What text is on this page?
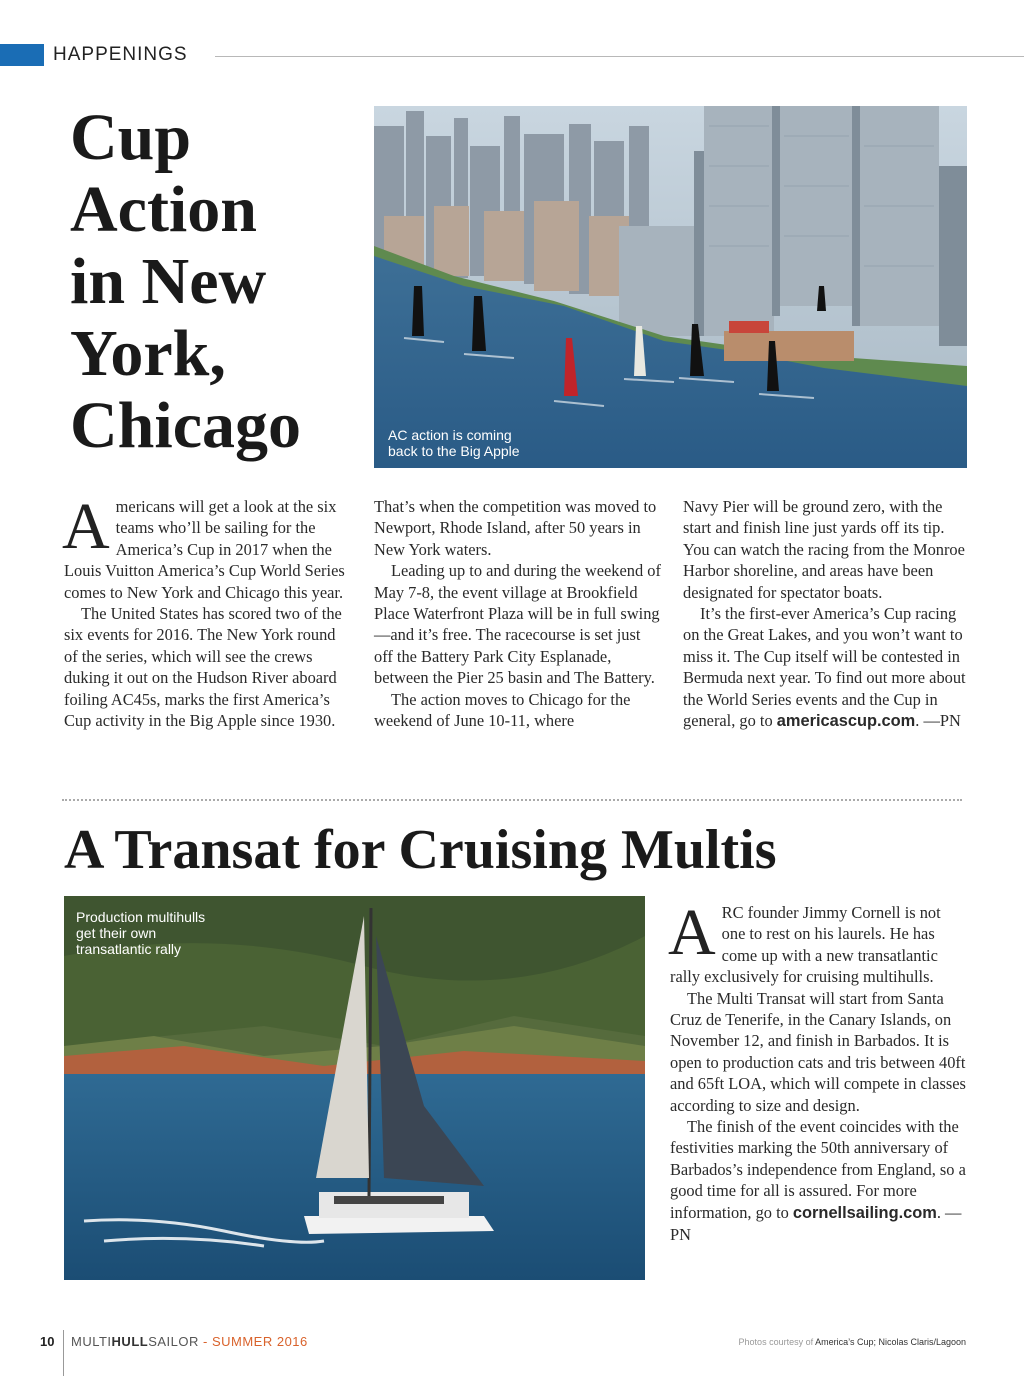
HAPPENINGS
Cup
Action
in New
York,
Chicago	AC action is coming
back to the Big Apple

Americans will get a look at the six teams who’ll be sailing for the America’s Cup in 2017 when the Louis Vuitton America’s Cup World Series comes to New York and Chicago this year.

The United States has scored two of the six events for 2016. The New York round of the series, which will see the crews duking it out on the Hudson River aboard foiling AC45s, marks the first America’s Cup activity in the Big Apple since 1930.

That’s when the competition was moved to Newport, Rhode Island, after 50 years in New York waters.

Leading up to and during the weekend of May 7-8, the event village at Brookfield Place Waterfront Plaza will be in full swing—and it’s free. The racecourse is set just off the Battery Park City Esplanade, between the Pier 25 basin and The Battery.

The action moves to Chicago for the weekend of June 10-11, where

Navy Pier will be ground zero, with the start and finish line just yards off its tip. You can watch the racing from the Monroe Harbor shoreline, and areas have been designated for spectator boats.

It’s the first-ever America’s Cup racing on the Great Lakes, and you won’t want to miss it. The Cup itself will be contested in Bermuda next year. To find out more about the World Series events and the Cup in general, go to americascup.com. —PN

A Transat for Cruising Multis
Production multihulls
get their own
transatlantic rally	ARC founder Jimmy Cornell is not one to rest on his laurels. He has come up with a new transatlantic rally exclusively for cruising multihulls.

The Multi Transat will start from Santa Cruz de Tenerife, in the Canary Islands, on November 12, and finish in Barbados. It is open to production cats and tris between 40ft and 65ft LOA, which will compete in classes according to size and design.

The finish of the event coincides with the festivities marking the 50th anniversary of Barbados’s independence from England, so a good time for all is assured. For more information, go to cornellsailing.com. —PN

10 MULTIHULLSAILOR - SUMMER 2016	Photos courtesy of America’s Cup; Nicolas Claris/Lagoon
